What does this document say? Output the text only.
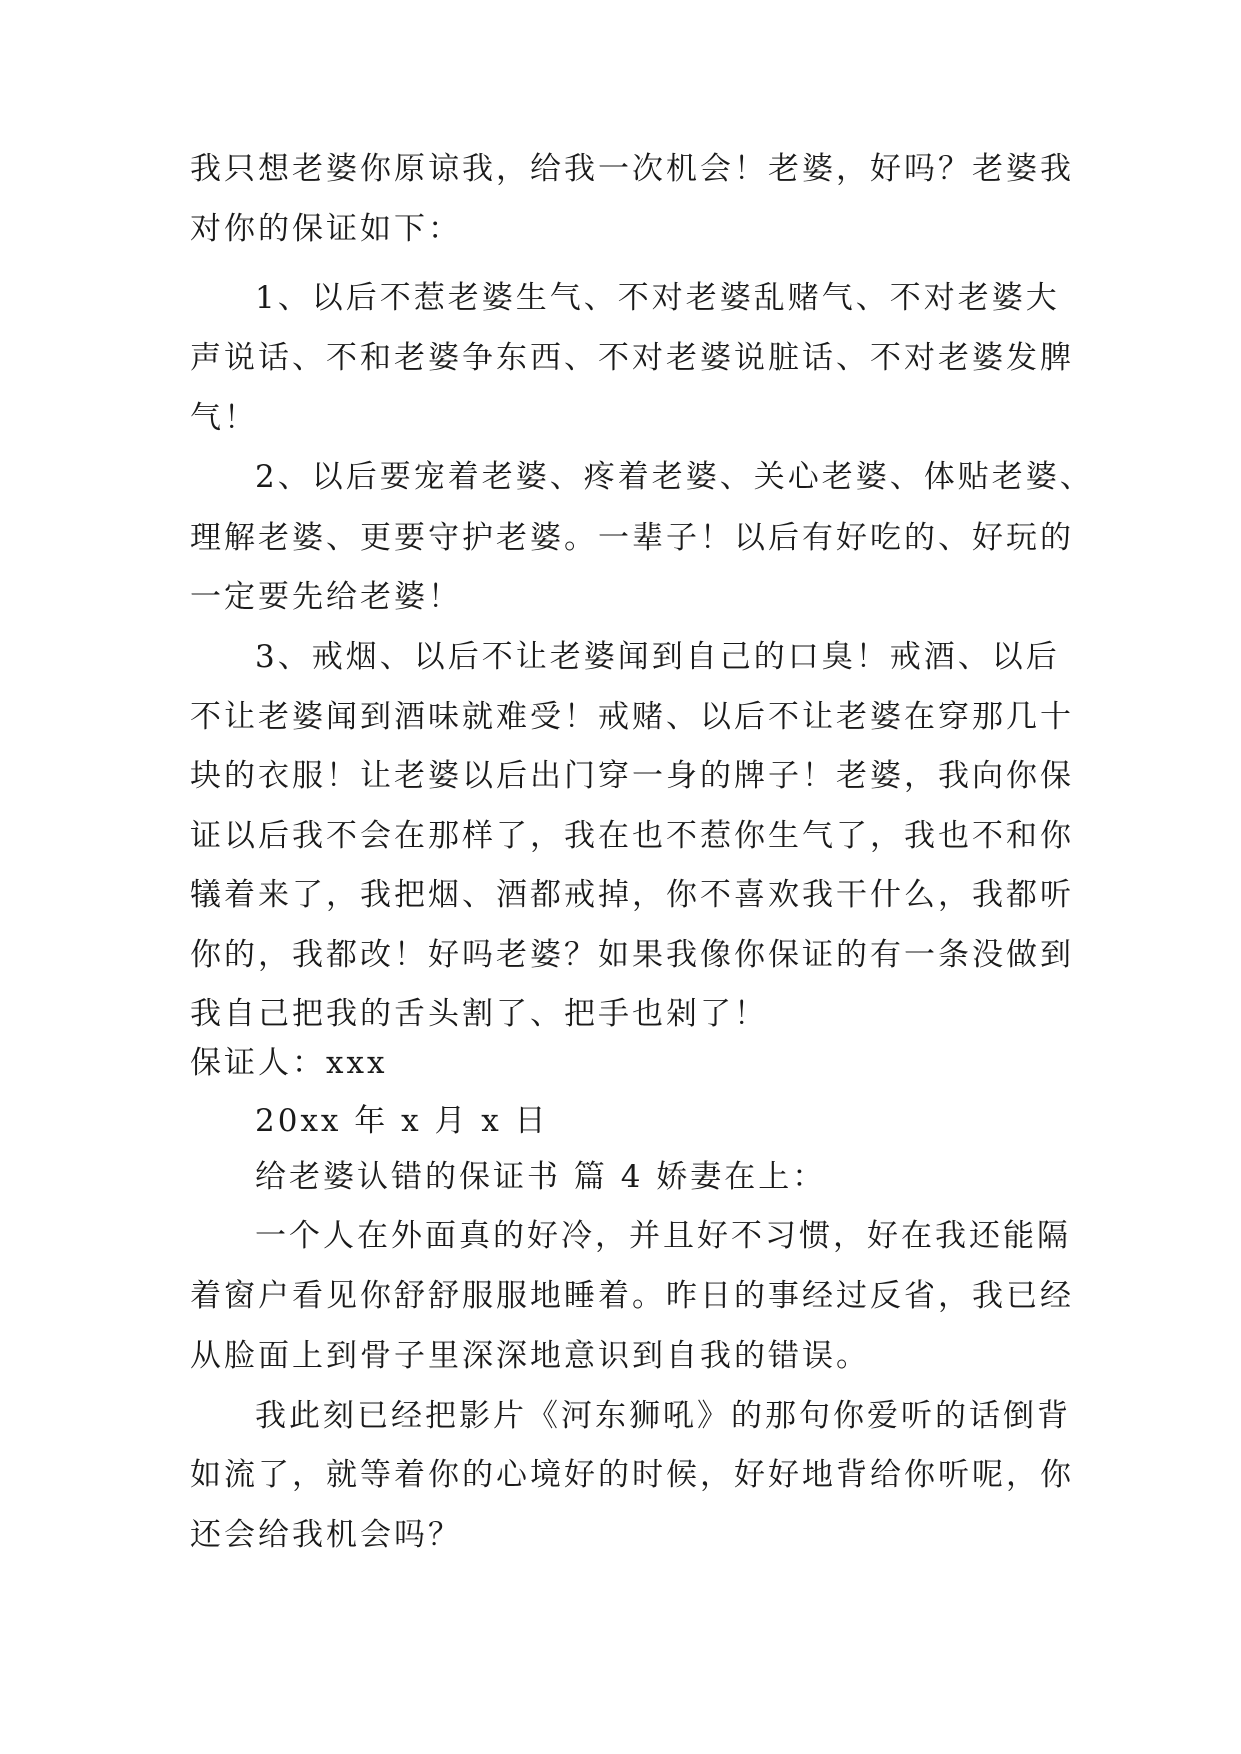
我只想老婆你原谅我，给我一次机会！老婆，好吗？老婆我
对你的保证如下：
1、以后不惹老婆生气、不对老婆乱赌气、不对老婆大
声说话、不和老婆争东西、不对老婆说脏话、不对老婆发脾
气！
2、以后要宠着老婆、疼着老婆、关心老婆、体贴老婆、
理解老婆、更要守护老婆。一辈子！以后有好吃的、好玩的
一定要先给老婆！
3、戒烟、以后不让老婆闻到自己的口臭！戒酒、以后
不让老婆闻到酒味就难受！戒赌、以后不让老婆在穿那几十
块的衣服！让老婆以后出门穿一身的牌子！老婆，我向你保
证以后我不会在那样了，我在也不惹你生气了，我也不和你
犠着来了，我把烟、酒都戒掉，你不喜欢我干什么，我都听
你的，我都改！好吗老婆？如果我像你保证的有一条没做到
我自己把我的舌头割了、把手也剁了！
保证人：xxx
20xx 年 x 月 x 日
给老婆认错的保证书 篇 4 娇妻在上：
一个人在外面真的好冷，并且好不习惯，好在我还能隔
着窗户看见你舒舒服服地睡着。昨日的事经过反省，我已经
从脸面上到骨子里深深地意识到自我的错误。
我此刻已经把影片《河东狮吼》的那句你爱听的话倒背
如流了，就等着你的心境好的时候，好好地背给你听呢，你
还会给我机会吗？
